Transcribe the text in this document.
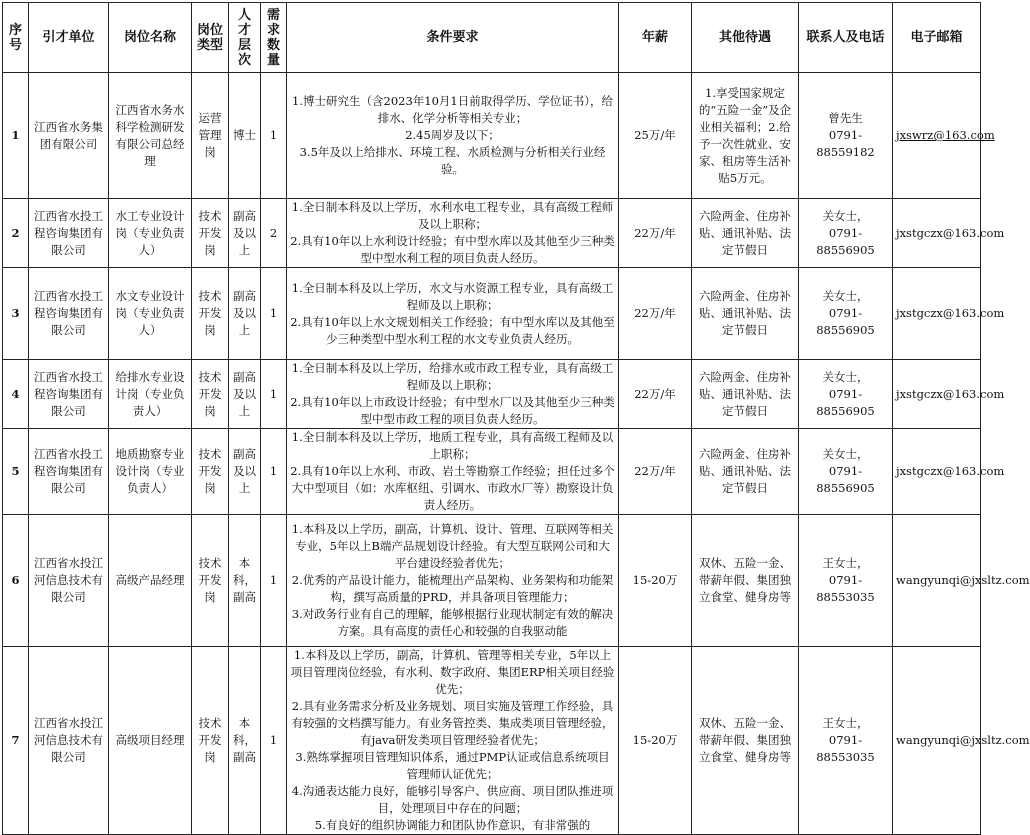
序号	引才单位	岗位名称	岗位类型	人才层次	需求数量	条件要求	年薪	其他待遇	联系人及电话	电子邮箱
1	江西省水务集团有限公司	江西省水务水科学检测研发有限公司总经理	运营管理岗	博士	1	1.博士研究生（含2023年10月1日前取得学历、学位证书），给排水、化学分析等相关专业；
2.45周岁及以下；
3.5年及以上给排水、环境工程、水质检测与分析相关行业经验。	25万/年	1.享受国家规定的“五险一金”及企业相关福利；2.给予一次性就业、安家、租房等生活补贴5万元。	曾先生
0791-88559182	jxswrz@163.com
2	江西省水投工程咨询集团有限公司	水工专业设计岗（专业负责人）	技术开发岗	副高及以上	2	1.全日制本科及以上学历，水利水电工程专业，具有高级工程师及以上职称；
2.具有10年以上水利设计经验；有中型水库以及其他至少三种类型中型水利工程的项目负责人经历。	22万/年	六险两金、住房补贴、通讯补贴、法定节假日	关女士，
0791-88556905	jxstgczx@163.com
3	江西省水投工程咨询集团有限公司	水文专业设计岗（专业负责人）	技术开发岗	副高及以上	1	1.全日制本科及以上学历，水文与水资源工程专业，具有高级工程师及以上职称；
2.具有10年以上水文规划相关工作经验；有中型水库以及其他至少三种类型中型水利工程的水文专业负责人经历。	22万/年	六险两金、住房补贴、通讯补贴、法定节假日	关女士，
0791-88556905	jxstgczx@163.com
4	江西省水投工程咨询集团有限公司	给排水专业设计岗（专业负责人）	技术开发岗	副高及以上	1	1.全日制本科及以上学历，给排水或市政工程专业，具有高级工程师及以上职称；
2.具有10年以上市政设计经验；有中型水厂以及其他至少三种类型中型市政工程的项目负责人经历。	22万/年	六险两金、住房补贴、通讯补贴、法定节假日	关女士，
0791-88556905	jxstgczx@163.com
5	江西省水投工程咨询集团有限公司	地质勘察专业设计岗（专业负责人）	技术开发岗	副高及以上	1	1.全日制本科及以上学历，地质工程专业，具有高级工程师及以上职称；
2.具有10年以上水利、市政、岩土等勘察工作经验；担任过多个大中型项目（如：水库枢纽、引调水、市政水厂等）勘察设计负责人经历。	22万/年	六险两金、住房补贴、通讯补贴、法定节假日	关女士，
0791-88556905	jxstgczx@163.com
6	江西省水投江河信息技术有限公司	高级产品经理	技术开发岗	本科，副高	1	1.本科及以上学历，副高，计算机、设计、管理、互联网等相关专业，5年以上B端产品规划设计经验。有大型互联网公司和大平台建设经验者优先；
2.优秀的产品设计能力，能梳理出产品架构、业务架构和功能架构，撰写高质量的PRD，并具备项目管理能力；
3.对政务行业有自己的理解，能够根据行业现状制定有效的解决方案。具有高度的责任心和较强的自我驱动能	15-20万	双休、五险一金、带薪年假、集团独立食堂、健身房等	王女士，
0791-88553035	wangyunqi@jxsltz.com
7	江西省水投江河信息技术有限公司	高级项目经理	技术开发岗	本科，副高	1	1.本科及以上学历，副高，计算机、管理等相关专业，5年以上项目管理岗位经验，有水利、数字政府、集团ERP相关项目经验优先；
2.具有业务需求分析及业务规划、项目实施及管理工作经验，具有较强的文档撰写能力。有业务管控类、集成类项目管理经验，有java研发类项目管理经验者优先；
3.熟练掌握项目管理知识体系，通过PMP认证或信息系统项目管理师认证优先；
4.沟通表达能力良好，能够引导客户、供应商、项目团队推进项目，处理项目中存在的问题；
5.有良好的组织协调能力和团队协作意识，有非常强的	15-20万	双休、五险一金、带薪年假、集团独立食堂、健身房等	王女士，
0791-88553035	wangyunqi@jxsltz.com
